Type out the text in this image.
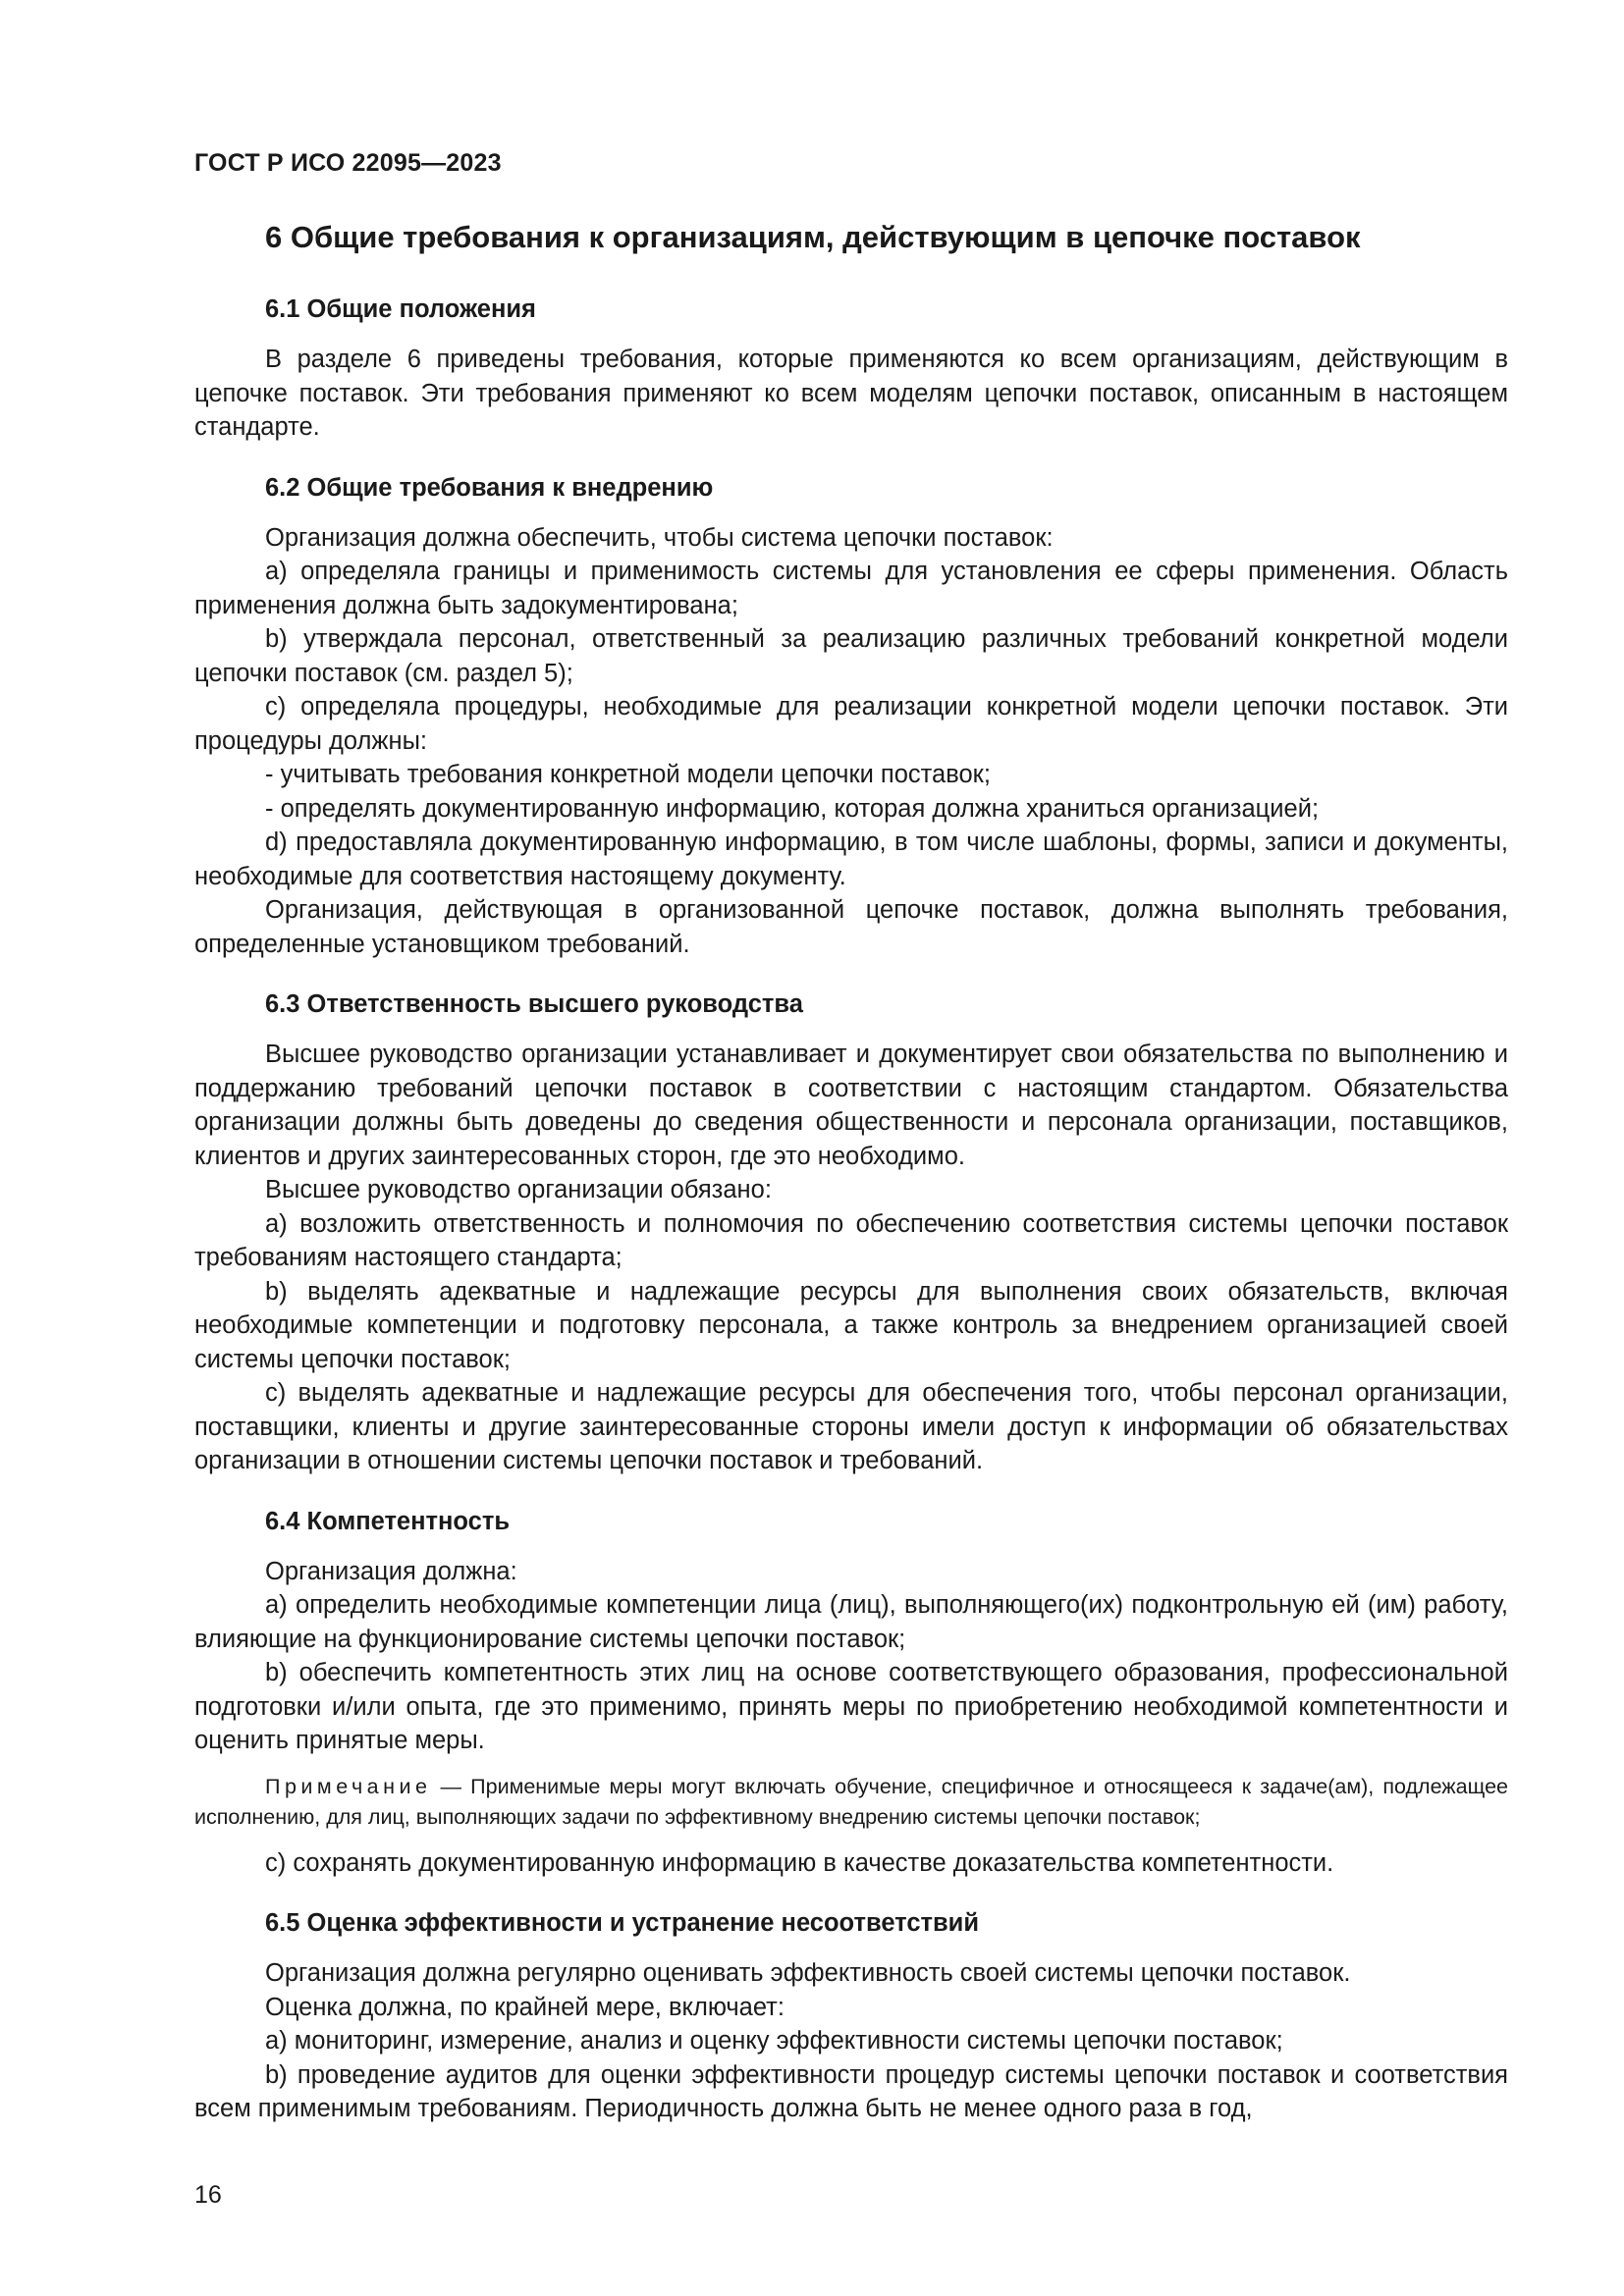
ГОСТ Р ИСО 22095—2023
6 Общие требования к организациям, действующим в цепочке поставок
6.1 Общие положения

В разделе 6 приведены требования, которые применяются ко всем организациям, действующим в цепочке поставок. Эти требования применяют ко всем моделям цепочки поставок, описанным в настоящем стандарте.

6.2 Общие требования к внедрению

Организация должна обеспечить, чтобы система цепочки поставок:

a) определяла границы и применимость системы для установления ее сферы применения. Область применения должна быть задокументирована;

b) утверждала персонал, ответственный за реализацию различных требований конкретной модели цепочки поставок (см. раздел 5);

c) определяла процедуры, необходимые для реализации конкретной модели цепочки поставок. Эти процедуры должны:

- учитывать требования конкретной модели цепочки поставок;

- определять документированную информацию, которая должна храниться организацией;

d) предоставляла документированную информацию, в том числе шаблоны, формы, записи и документы, необходимые для соответствия настоящему документу.

Организация, действующая в организованной цепочке поставок, должна выполнять требования, определенные установщиком требований.

6.3 Ответственность высшего руководства

Высшее руководство организации устанавливает и документирует свои обязательства по выполнению и поддержанию требований цепочки поставок в соответствии с настоящим стандартом. Обязательства организации должны быть доведены до сведения общественности и персонала организации, поставщиков, клиентов и других заинтересованных сторон, где это необходимо.

Высшее руководство организации обязано:

a) возложить ответственность и полномочия по обеспечению соответствия системы цепочки поставок требованиям настоящего стандарта;

b) выделять адекватные и надлежащие ресурсы для выполнения своих обязательств, включая необходимые компетенции и подготовку персонала, а также контроль за внедрением организацией своей системы цепочки поставок;

c) выделять адекватные и надлежащие ресурсы для обеспечения того, чтобы персонал организации, поставщики, клиенты и другие заинтересованные стороны имели доступ к информации об обязательствах организации в отношении системы цепочки поставок и требований.

6.4 Компетентность

Организация должна:

a) определить необходимые компетенции лица (лиц), выполняющего(их) подконтрольную ей (им) работу, влияющие на функционирование системы цепочки поставок;

b) обеспечить компетентность этих лиц на основе соответствующего образования, профессиональной подготовки и/или опыта, где это применимо, принять меры по приобретению необходимой компетентности и оценить принятые меры.

Примечание — Применимые меры могут включать обучение, специфичное и относящееся к задаче(ам), подлежащее исполнению, для лиц, выполняющих задачи по эффективному внедрению системы цепочки поставок;

c) сохранять документированную информацию в качестве доказательства компетентности.

6.5 Оценка эффективности и устранение несоответствий

Организация должна регулярно оценивать эффективность своей системы цепочки поставок.

Оценка должна, по крайней мере, включает:

a) мониторинг, измерение, анализ и оценку эффективности системы цепочки поставок;

b) проведение аудитов для оценки эффективности процедур системы цепочки поставок и соответствия всем применимым требованиям. Периодичность должна быть не менее одного раза в год,

16
